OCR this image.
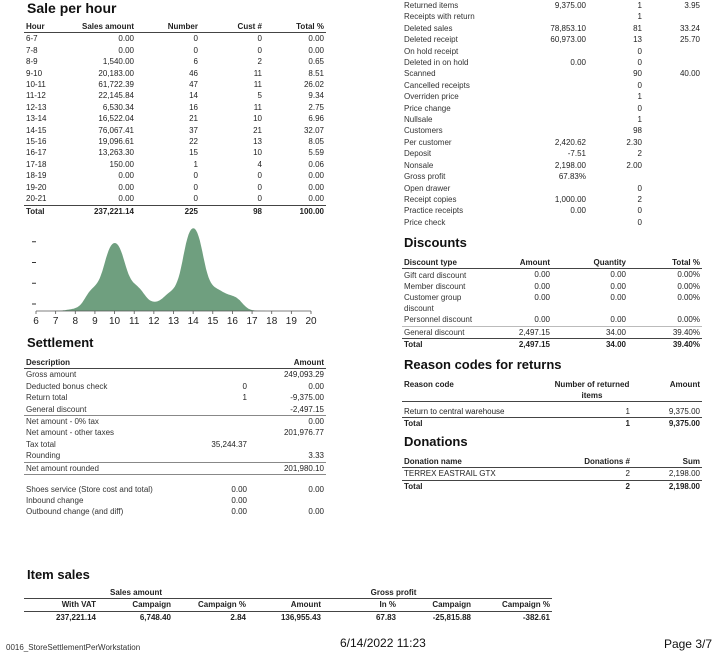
Sale per hour
Hour	Sales amount	Number	Cust #	Total %
6-7	0.00	0	0	0.00
7-8	0.00	0	0	0.00
8-9	1,540.00	6	2	0.65
9-10	20,183.00	46	11	8.51
10-11	61,722.39	47	11	26.02
11-12	22,145.84	14	5	9.34
12-13	6,530.34	16	11	2.75
13-14	16,522.04	21	10	6.96
14-15	76,067.41	37	21	32.07
15-16	19,096.61	22	13	8.05
16-17	13,263.30	15	10	5.59
17-18	150.00	1	4	0.06
18-19	0.00	0	0	0.00
19-20	0.00	0	0	0.00
20-21	0.00	0	0	0.00
Total	237,221.14	225	98	100.00
6 7 8 9 10 11 12 13 14 15 16 17 18 19 20
Settlement
Description		Amount
Gross amount		249,093.29
Deducted bonus check	0	0.00
Return total	1	-9,375.00
General discount		-2,497.15
Net amount - 0% tax		0.00
Net amount - other taxes		201,976.77
Tax total	35,244.37	
Rounding		3.33
Net amount rounded		201,980.10

Shoes service (Store cost and total)	0.00	0.00
Inbound change	0.00	
Outbound change (and diff)	0.00	0.00
Returned items	9,375.00	1	3.95
Receipts with return		1	
Deleted sales	78,853.10	81	33.24
Deleted receipt	60,973.00	13	25.70
On hold receipt		0	
Deleted in on hold	0.00	0	
Scanned		90	40.00
Cancelled receipts		0	
Overriden price		1	
Price change		0	
Nullsale		1	
Customers		98	
Per customer	2,420.62	2.30	
Deposit	-7.51	2	
Nonsale	2,198.00	2.00	
Gross profit	67.83%		
Open drawer		0	
Receipt copies	1,000.00	2	
Practice receipts	0.00	0	
Price check		0	
Discounts
Discount type	Amount	Quantity	Total %
Gift card discount	0.00	0.00	0.00%
Member discount	0.00	0.00	0.00%
Customer group discount	0.00	0.00	0.00%
Personnel discount	0.00	0.00	0.00%
General discount	2,497.15	34.00	39.40%
Total	2,497.15	34.00	39.40%
Reason codes for returns
Reason code	Number of returned items	Amount
Return to central warehouse	1	9,375.00
Total	1	9,375.00
Donations
Donation name	Donations #	Sum
TERREX EASTRAIL GTX	2	2,198.00
Total	2	2,198.00
Item sales
Sales amount				Gross profit		
With VAT	Campaign	Campaign %	Amount	In %	Campaign	Campaign %
237,221.14	6,748.40	2.84	136,955.43	67.83	-25,815.88	-382.61
0016_StoreSettlementPerWorkstation	6/14/2022 11:23	Page 3/7
